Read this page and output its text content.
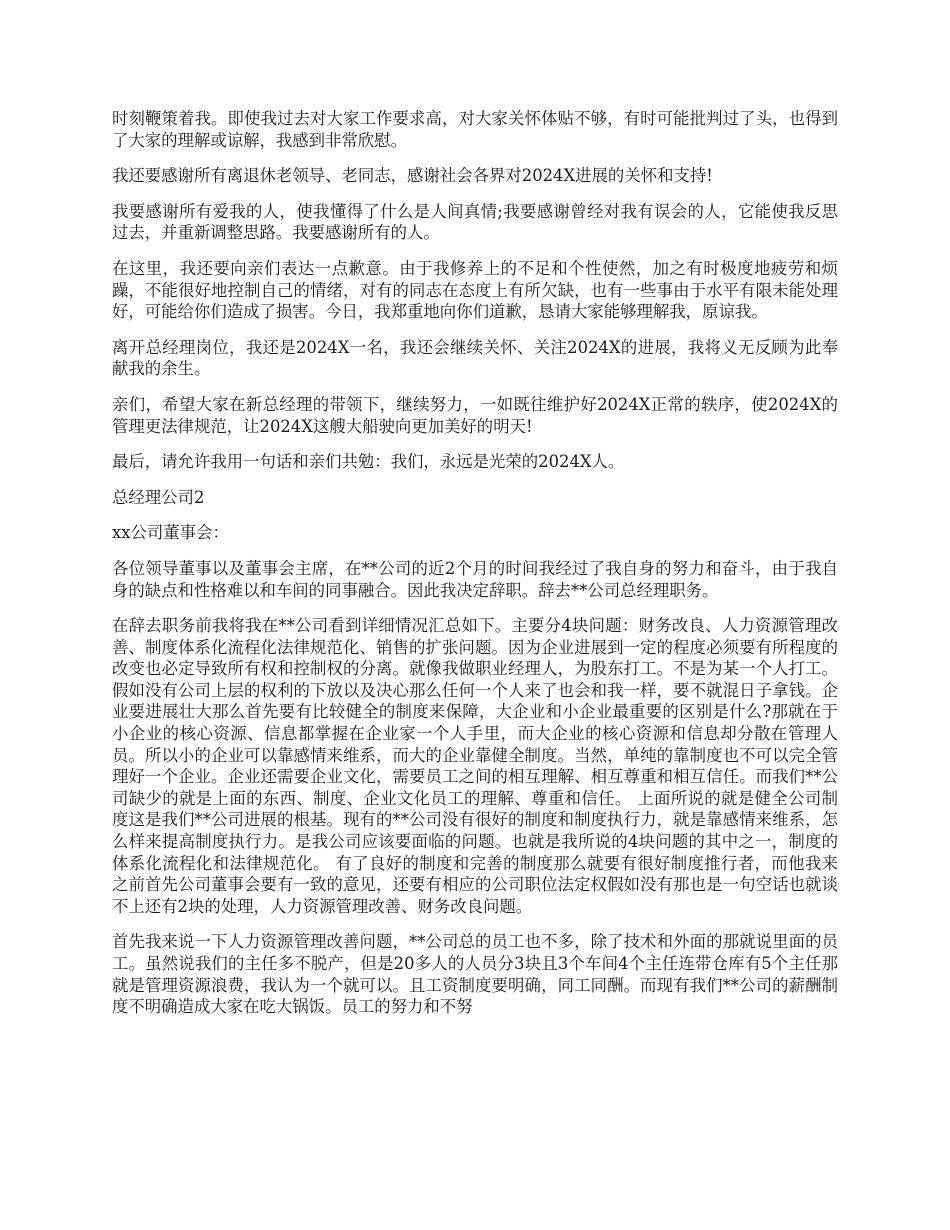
时刻鞭策着我。即使我过去对大家工作要求高，对大家关怀体贴不够，有时可能批判过了头，也得到了大家的理解或谅解，我感到非常欣慰。

我还要感谢所有离退休老领导、老同志，感谢社会各界对2024X进展的关怀和支持!

我要感谢所有爱我的人，使我懂得了什么是人间真情;我要感谢曾经对我有误会的人，它能使我反思过去，并重新调整思路。我要感谢所有的人。

在这里，我还要向亲们表达一点歉意。由于我修养上的不足和个性使然，加之有时极度地疲劳和烦躁，不能很好地控制自己的情绪，对有的同志在态度上有所欠缺，也有一些事由于水平有限未能处理好，可能给你们造成了损害。今日，我郑重地向你们道歉，恳请大家能够理解我，原谅我。

离开总经理岗位，我还是2024X一名，我还会继续关怀、关注2024X的进展，我将义无反顾为此奉献我的余生。

亲们，希望大家在新总经理的带领下，继续努力，一如既往维护好2024X正常的轶序，使2024X的管理更法律规范，让2024X这艘大船驶向更加美好的明天!

最后，请允许我用一句话和亲们共勉：我们，永远是光荣的2024X人。

总经理公司2

xx公司董事会：

各位领导董事以及董事会主席，在**公司的近2个月的时间我经过了我自身的努力和奋斗，由于我自身的缺点和性格难以和车间的同事融合。因此我决定辞职。辞去**公司总经理职务。

在辞去职务前我将我在**公司看到详细情况汇总如下。主要分4块问题：财务改良、人力资源管理改善、制度体系化流程化法律规范化、销售的扩张问题。因为企业进展到一定的程度必须要有所程度的改变也必定导致所有权和控制权的分离。就像我做职业经理人，为股东打工。不是为某一个人打工。假如没有公司上层的权利的下放以及决心那么任何一个人来了也会和我一样，要不就混日子拿钱。企业要进展壮大那么首先要有比较健全的制度来保障，大企业和小企业最重要的区别是什么?那就在于小企业的核心资源、信息都掌握在企业家一个人手里，而大企业的核心资源和信息却分散在管理人员。所以小的企业可以靠感情来维系，而大的企业靠健全制度。当然，单纯的靠制度也不可以完全管理好一个企业。企业还需要企业文化，需要员工之间的相互理解、相互尊重和相互信任。而我们**公司缺少的就是上面的东西、制度、企业文化员工的理解、尊重和信任。 上面所说的就是健全公司制度这是我们**公司进展的根基。现有的**公司没有很好的制度和制度执行力，就是靠感情来维系，怎么样来提高制度执行力。是我公司应该要面临的问题。也就是我所说的4块问题的其中之一，制度的体系化流程化和法律规范化。 有了良好的制度和完善的制度那么就要有很好制度推行者，而他我来之前首先公司董事会要有一致的意见，还要有相应的公司职位法定权假如没有那也是一句空话也就谈不上还有2块的处理，人力资源管理改善、财务改良问题。

首先我来说一下人力资源管理改善问题，**公司总的员工也不多，除了技术和外面的那就说里面的员工。虽然说我们的主任多不脱产，但是20多人的人员分3块且3个车间4个主任连带仓库有5个主任那就是管理资源浪费，我认为一个就可以。且工资制度要明确，同工同酬。而现有我们**公司的薪酬制度不明确造成大家在吃大锅饭。员工的努力和不努
